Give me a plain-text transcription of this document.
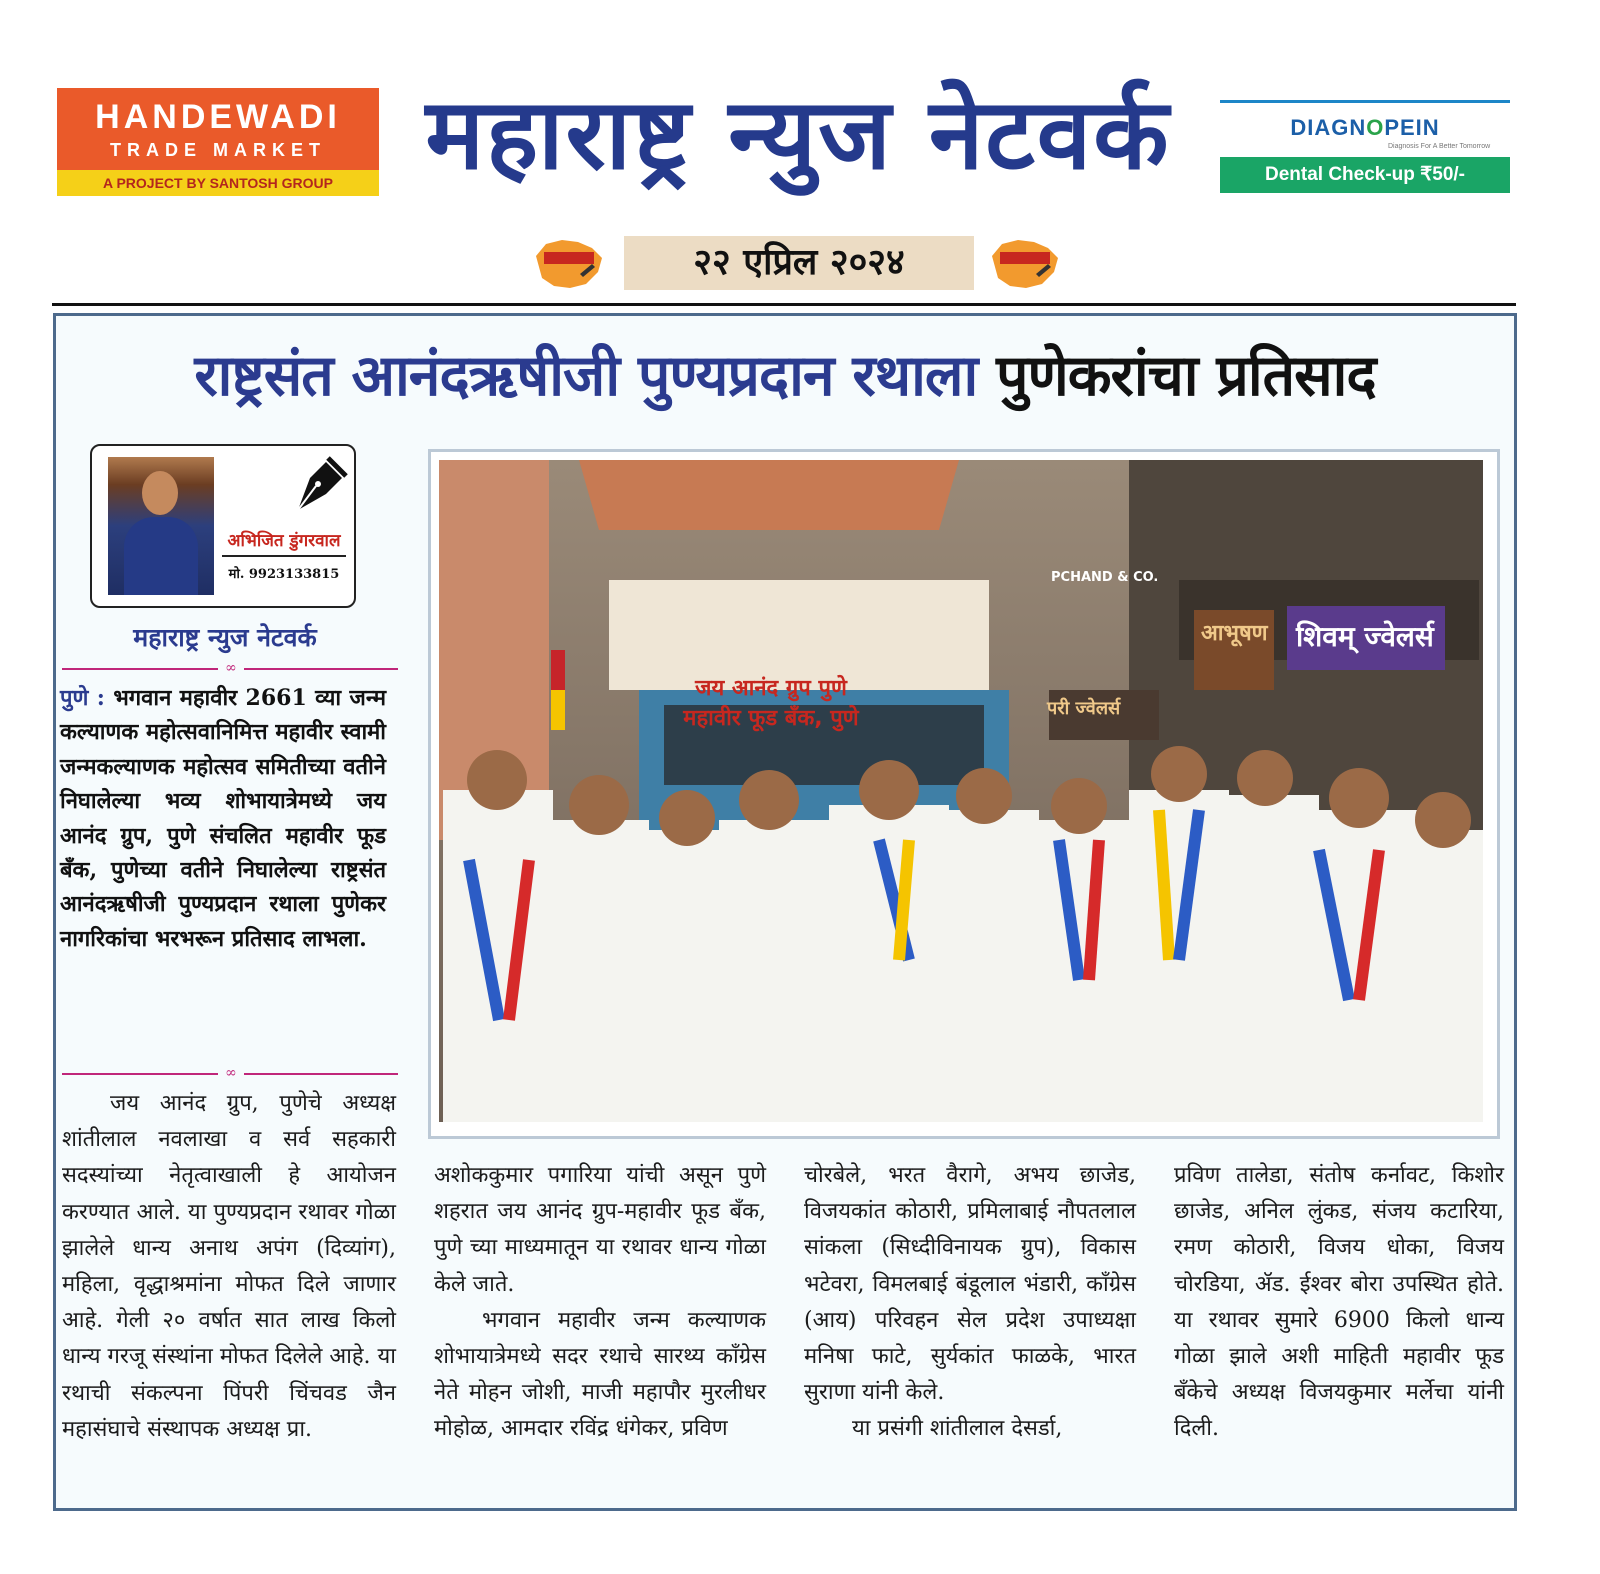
HANDEWADI
TRADE MARKET
A PROJECT BY SANTOSH GROUP महाराष्ट्र न्युज नेटवर्क	DIAGNOPEIN
Diagnosis For A Better Tomorrow
Dental Check-up ₹50/-
२२ एप्रिल २०२४
राष्ट्रसंत आनंदऋषीजी पुण्यप्रदान रथाला पुणेकरांचा प्रतिसाद
अभिजित डुंगरवाल
मो. 9923133815
महाराष्ट्र न्युज नेटवर्क
∞
पुणे : भगवान महावीर 2661 व्या जन्म कल्याणक महोत्सवानिमित्त महावीर स्वामी जन्मकल्याणक महोत्सव समितीच्या वतीने निघालेल्या भव्य शोभायात्रेमध्ये जय आनंद ग्रुप, पुणे संचलित महावीर फूड बँक, पुणेच्या वतीने निघालेल्या राष्ट्रसंत आनंदऋषीजी पुण्यप्रदान रथाला पुणेकर नागरिकांचा भरभरून प्रतिसाद लाभला.
∞
जय आनंद ग्रुप पुणे
महावीर फूड बँक, पुणे
शिवम् ज्वेलर्स
आभूषण
परी ज्वेलर्स
PCHAND & CO.

जय आनंद ग्रुप, पुणेचे अध्यक्ष शांतीलाल नवलाखा व सर्व सहकारी सदस्यांच्या नेतृत्वाखाली हे आयोजन करण्यात आले. या पुण्यप्रदान रथावर गोळा झालेले धान्य अनाथ अपंग (दिव्यांग), महिला, वृद्धाश्रमांना मोफत दिले जाणार आहे. गेली २० वर्षात सात लाख किलो धान्य गरजू संस्थांना मोफत दिलेले आहे. या रथाची संकल्पना पिंपरी चिंचवड जैन महासंघाचे संस्थापक अध्यक्ष प्रा.

अशोककुमार पगारिया यांची असून पुणे शहरात जय आनंद ग्रुप-महावीर फूड बँक, पुणे च्या माध्यमातून या रथावर धान्य गोळा केले जाते.

भगवान महावीर जन्म कल्याणक शोभायात्रेमध्ये सदर रथाचे सारथ्य काँग्रेस नेते मोहन जोशी, माजी महापौर मुरलीधर मोहोळ, आमदार रविंद्र धंगेकर, प्रविण

चोरबेले, भरत वैरागे, अभय छाजेड, विजयकांत कोठारी, प्रमिलाबाई नौपतलाल सांकला (सिध्दीविनायक ग्रुप), विकास भटेवरा, विमलबाई बंडूलाल भंडारी, काँग्रेस (आय) परिवहन सेल प्रदेश उपाध्यक्षा मनिषा फाटे, सुर्यकांत फाळके, भारत सुराणा यांनी केले.

या प्रसंगी शांतीलाल देसर्डा,

प्रविण तालेडा, संतोष कर्नावट, किशोर छाजेड, अनिल लुंकड, संजय कटारिया, रमण कोठारी, विजय धोका, विजय चोरडिया, ॲड. ईश्वर बोरा उपस्थित होते. या रथावर सुमारे 6900 किलो धान्य गोळा झाले अशी माहिती महावीर फूड बँकेचे अध्यक्ष विजयकुमार मर्लेचा यांनी दिली.
